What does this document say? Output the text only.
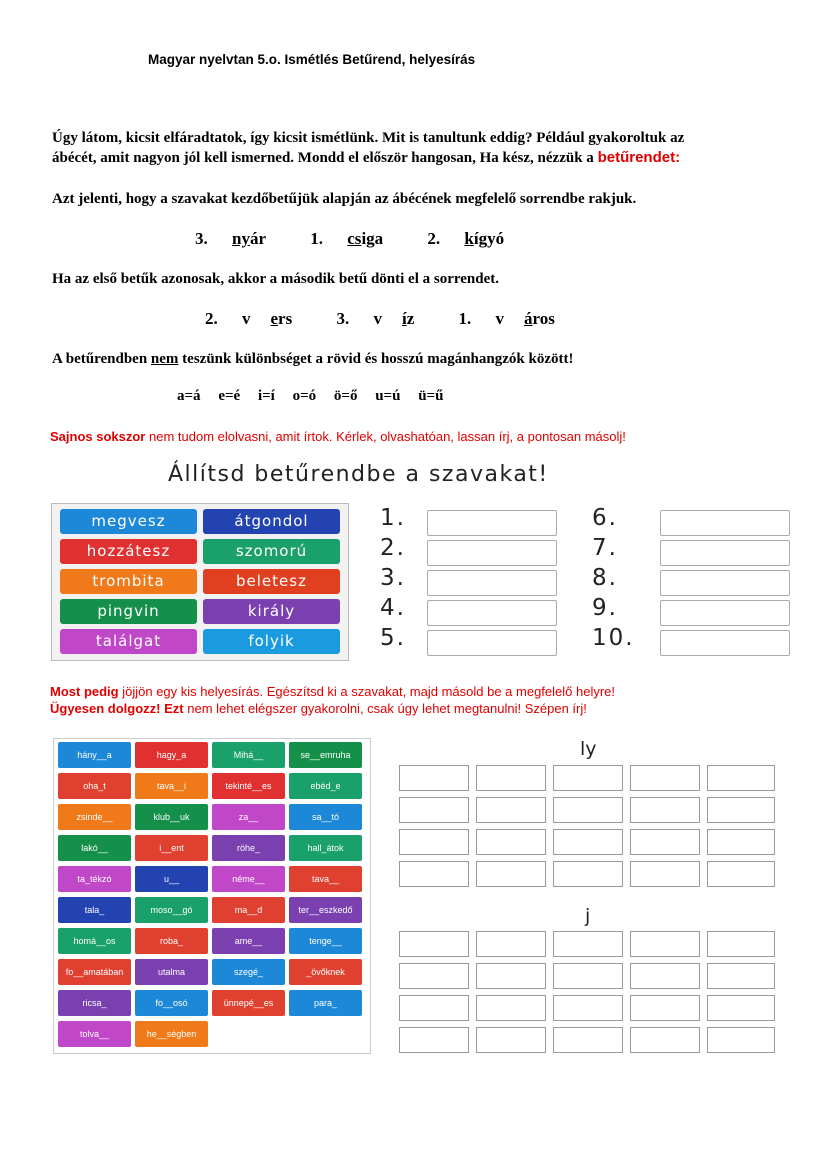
Magyar nyelvtan 5.o. Ismétlés Betűrend, helyesírás
Úgy látom, kicsit elfáradtatok, így kicsit ismétlünk. Mit is tanultunk eddig? Például gyakoroltuk az
ábécét, amit nagyon jól kell ismerned. Mondd el először hangosan, Ha kész, nézzük a betűrendet:
Azt jelenti, hogy a szavakat kezdőbetűjük alapján az ábécének megfelelő sorrendbe rakjuk.
3. nyár	1. csiga	2. kígyó
Ha az első betűk azonosak, akkor a második betű dönti el a sorrendet.
2. v ers	3. v íz	1. v áros
A betűrendben nem teszünk különbséget a rövid és hosszú magánhangzók között!
a=á e=é i=í o=ó ö=ő u=ú ü=ű
Sajnos sokszor nem tudom elolvasni, amit írtok. Kérlek, olvashatóan, lassan írj, a pontosan másolj!
Állítsd betűrendbe a szavakat!
megvesz	átgondol
hozzátesz	szomorú
trombita	beletesz
pingvin	király
találgat	folyik
1.
2.
3.
4.
5.
6.
7.
8.
9.
10.
Most pedig jöjjön egy kis helyesírás. Egészítsd ki a szavakat, majd másold be a megfelelő helyre!
Ügyesen dolgozz! Ezt nem lehet elégszer gyakorolni, csak úgy lehet megtanulni! Szépen írj!
hány__a	hagy_a	Mihá__	se__emruha
oha_t	tava__i	tekinté__es	ebéd_e
zsinde__	klub__uk	za__	sa__tó
lakó__	i__ent	röhe_	hall_átok
ta_tékzó	u__	néme__	tava__
tala_	moso__gó	ma__d	ter__eszkedő
homá__os	roba_	ame__	tenge__
fo__amatában	utalma	szegé_	_övőknek
ricsa_	fo__osó	ünnepé__es	para_
tolva__	he__ségben
ly
j
